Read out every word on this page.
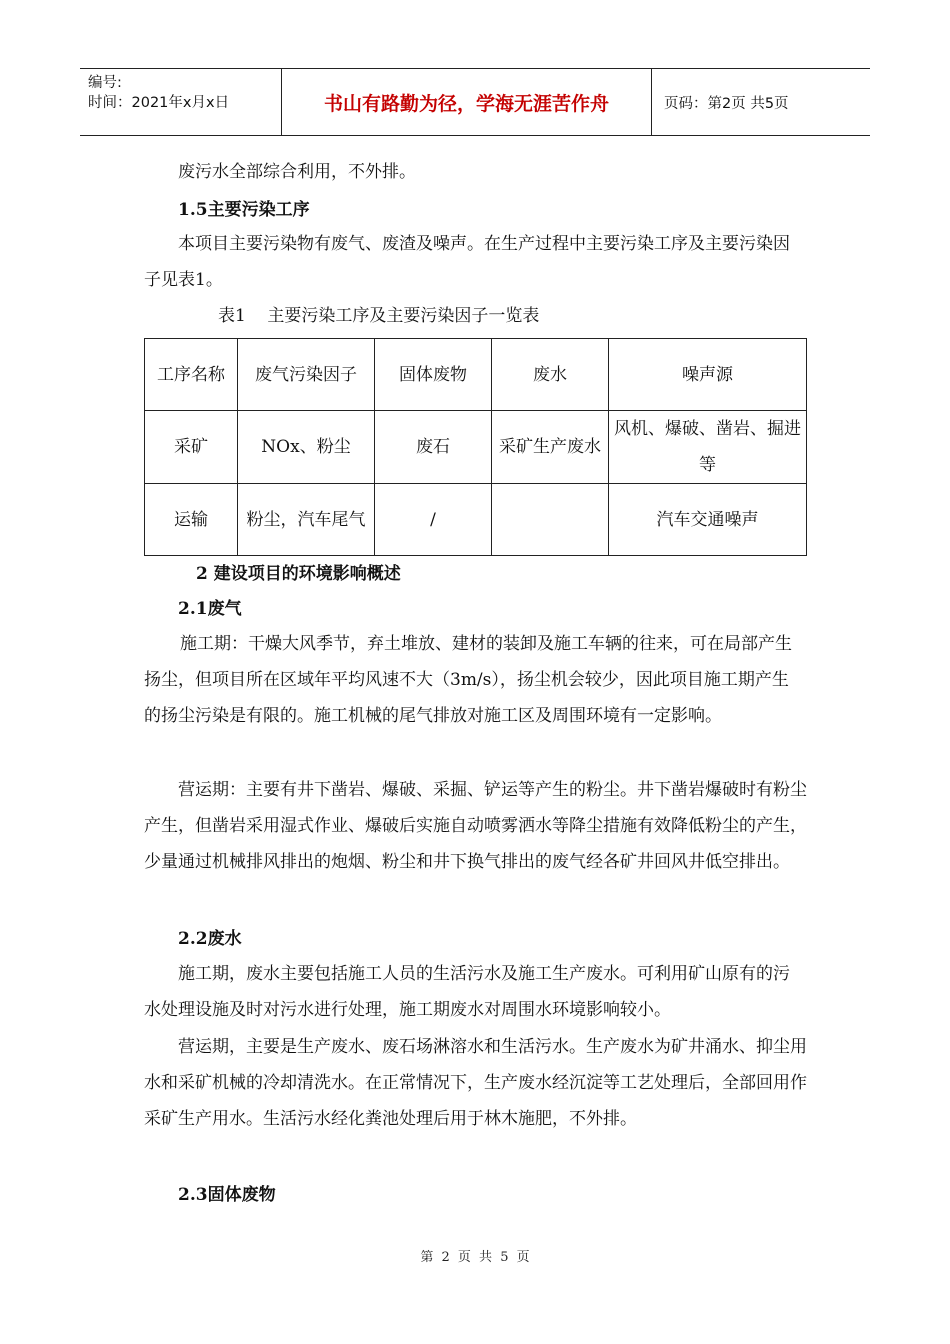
编号:
时间：2021年x月x日	书山有路勤为径，学海无涯苦作舟	页码：第2页 共5页

废污水全部综合利用，不外排。

1.5主要污染工序

本项目主要污染物有废气、废渣及噪声。在生产过程中主要污染工序及主要污染因子见表1。

表1    主要污染工序及主要污染因子一览表
工序名称	废气污染因子	固体废物	废水	噪声源
采矿	NOx、粉尘	废石	采矿生产废水	风机、爆破、凿岩、掘进等
运输	粉尘，汽车尾气	/		汽车交通噪声
2 建设项目的环境影响概述
2.1废气

施工期：干燥大风季节，弃土堆放、建材的装卸及施工车辆的往来，可在局部产生扬尘，但项目所在区域年平均风速不大（3m/s），扬尘机会较少，因此项目施工期产生的扬尘污染是有限的。施工机械的尾气排放对施工区及周围环境有一定影响。

营运期：主要有井下凿岩、爆破、采掘、铲运等产生的粉尘。井下凿岩爆破时有粉尘产生，但凿岩采用湿式作业、爆破后实施自动喷雾洒水等降尘措施有效降低粉尘的产生，少量通过机械排风排出的炮烟、粉尘和井下换气排出的废气经各矿井回风井低空排出。

2.2废水

施工期，废水主要包括施工人员的生活污水及施工生产废水。可利用矿山原有的污水处理设施及时对污水进行处理，施工期废水对周围水环境影响较小。

营运期，主要是生产废水、废石场淋溶水和生活污水。生产废水为矿井涌水、抑尘用水和采矿机械的冷却清洗水。在正常情况下，生产废水经沉淀等工艺处理后，全部回用作采矿生产用水。生活污水经化粪池处理后用于林木施肥，不外排。

2.3固体废物
第 2 页 共 5 页
